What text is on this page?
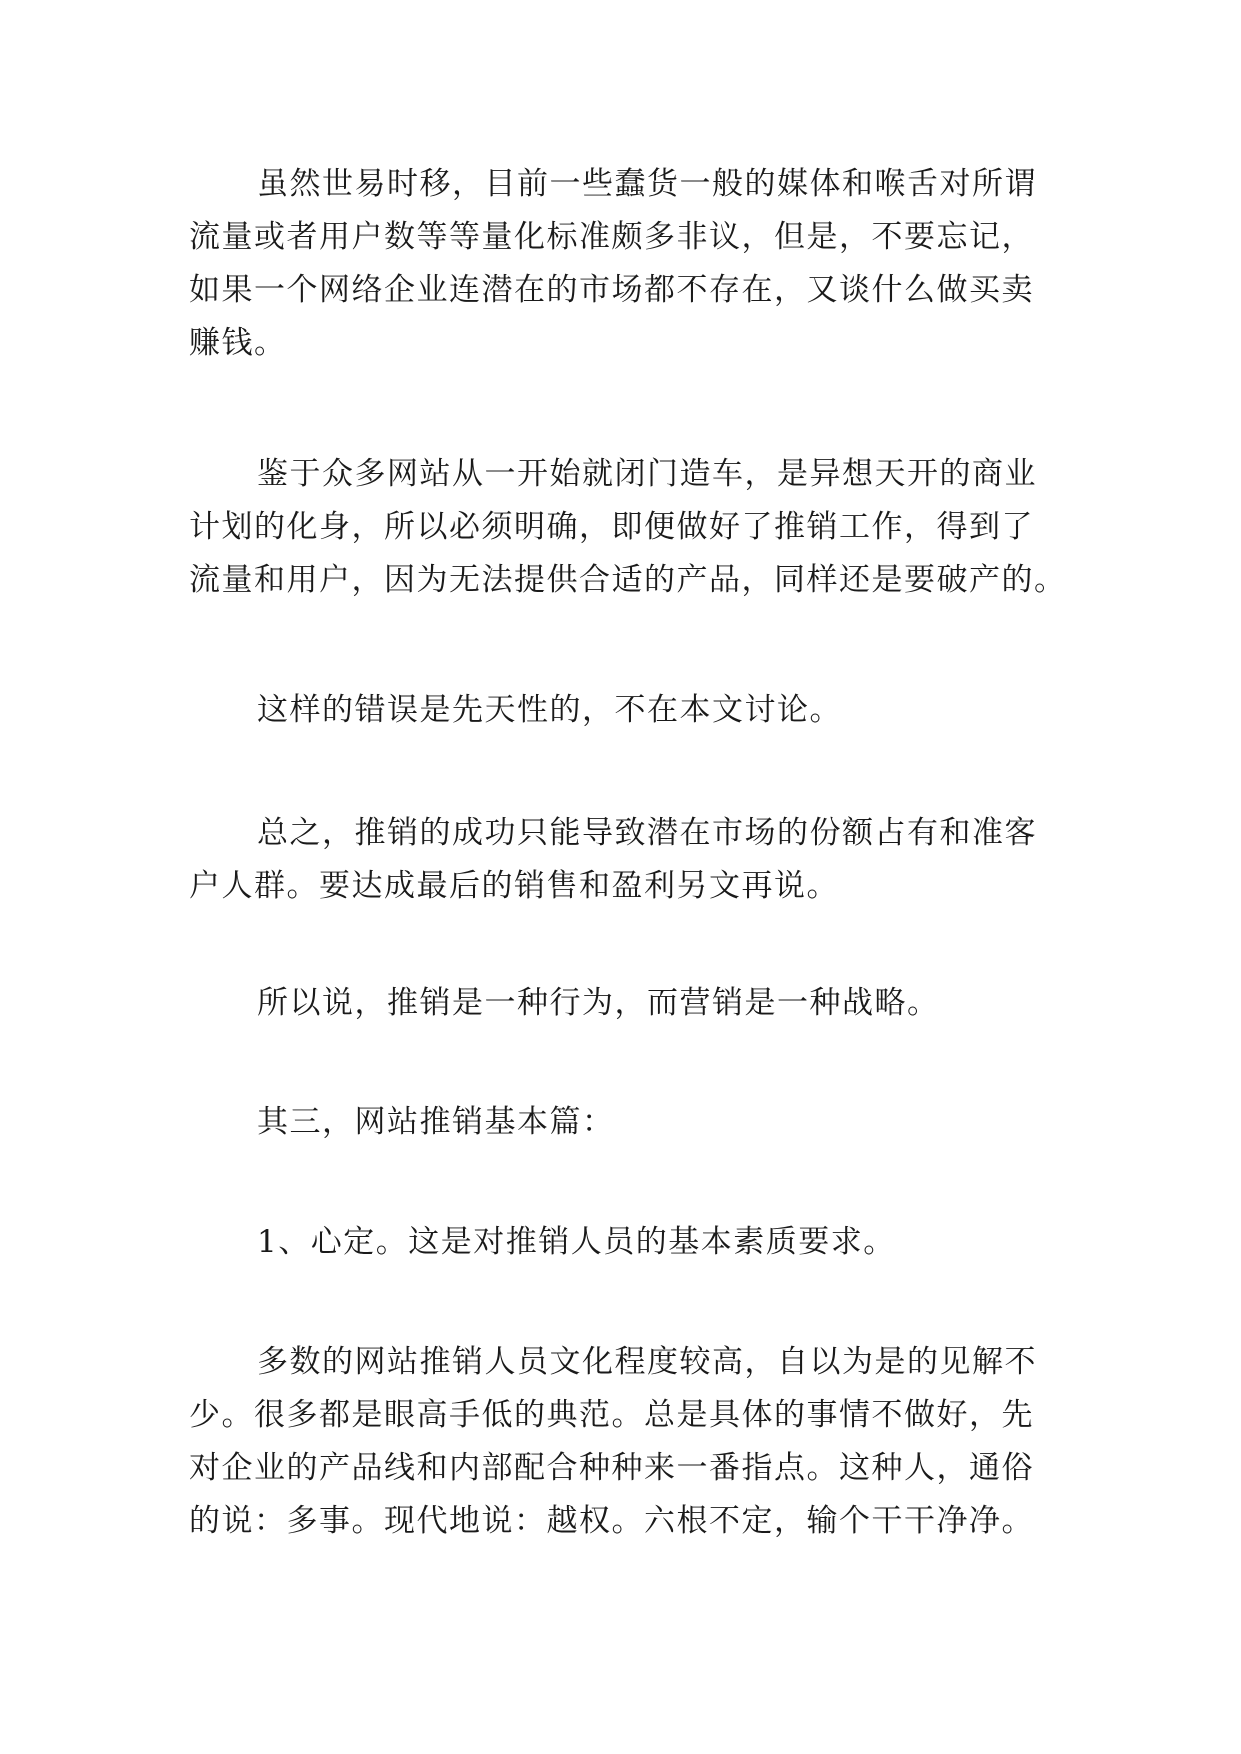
虽然世易时移，目前一些蠢货一般的媒体和喉舌对所谓
流量或者用户数等等量化标准颇多非议，但是，不要忘记，
如果一个网络企业连潜在的市场都不存在，又谈什么做买卖
赚钱。
鉴于众多网站从一开始就闭门造车，是异想天开的商业
计划的化身，所以必须明确，即便做好了推销工作，得到了
流量和用户，因为无法提供合适的产品，同样还是要破产的。
这样的错误是先天性的，不在本文讨论。
总之，推销的成功只能导致潜在市场的份额占有和准客
户人群。要达成最后的销售和盈利另文再说。
所以说，推销是一种行为，而营销是一种战略。
其三，网站推销基本篇：
1、心定。这是对推销人员的基本素质要求。
多数的网站推销人员文化程度较高，自以为是的见解不
少。很多都是眼高手低的典范。总是具体的事情不做好，先
对企业的产品线和内部配合种种来一番指点。这种人，通俗
的说：多事。现代地说：越权。六根不定，输个干干净净。
